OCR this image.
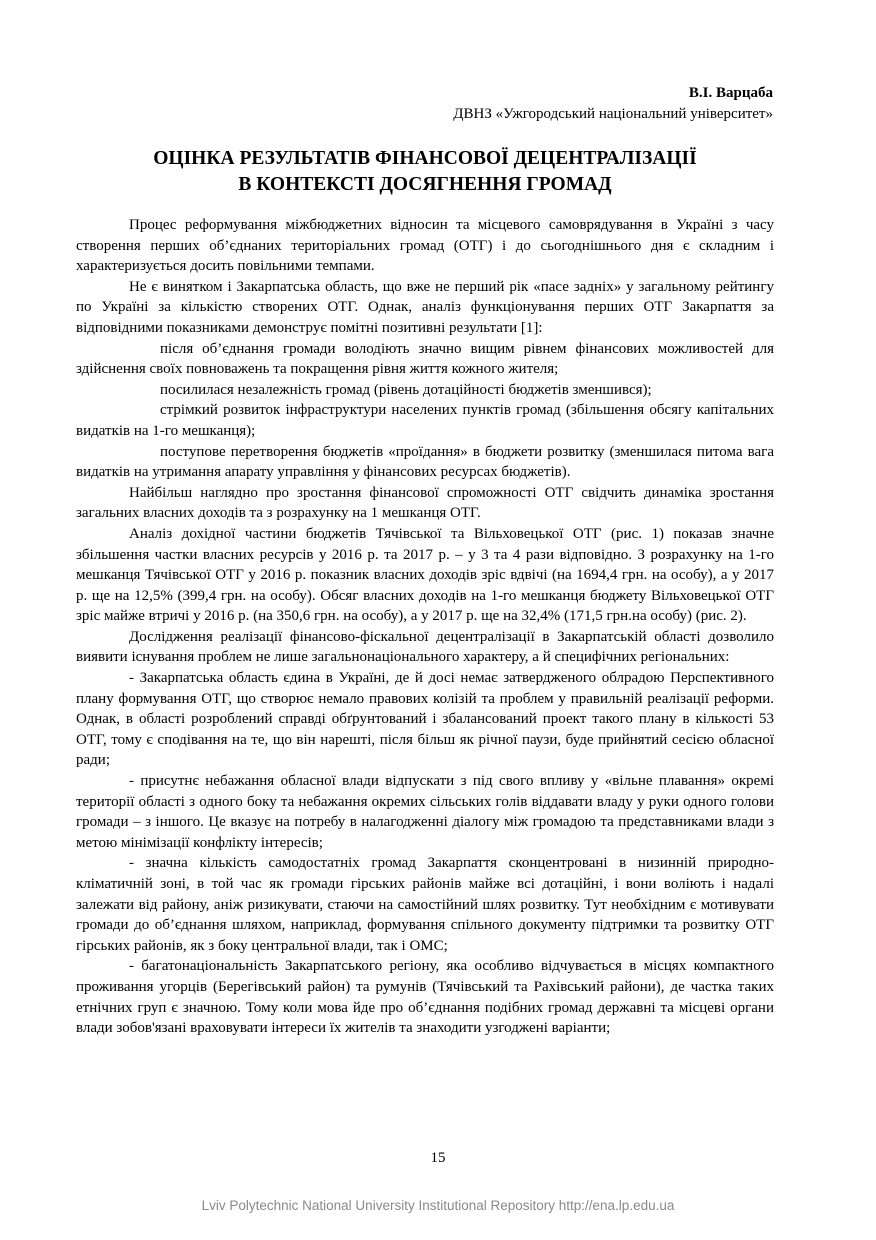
В.І. Варцаба
ДВНЗ «Ужгородський національний університет»
ОЦІНКА РЕЗУЛЬТАТІВ ФІНАНСОВОЇ ДЕЦЕНТРАЛІЗАЦІЇ
В КОНТЕКСТІ ДОСЯГНЕННЯ ГРОМАД

Процес реформування міжбюджетних відносин та місцевого самоврядування в Україні з часу створення перших об’єднаних територіальних громад (ОТГ) і до сьогоднішнього дня є складним і характеризується досить повільними темпами.

Не є винятком і Закарпатська область, що вже не перший рік «пасе задніх» у загальному рейтингу по Україні за кількістю створених ОТГ. Однак, аналіз функціонування перших ОТГ Закарпаття за відповідними показниками демонструє помітні позитивні результати [1]:

після об’єднання громади володіють значно вищим рівнем фінансових можливостей для здійснення своїх повноважень та покращення рівня життя кожного жителя;

посилилася незалежність громад (рівень дотаційності бюджетів зменшився);

стрімкий розвиток інфраструктури населених пунктів громад (збільшення обсягу капітальних видатків на 1-го мешканця);

поступове перетворення бюджетів «проїдання» в бюджети розвитку (зменшилася питома вага видатків на утримання апарату управління у фінансових ресурсах бюджетів).

Найбільш наглядно про зростання фінансової спроможності ОТГ свідчить динаміка зростання загальних власних доходів та з розрахунку на 1 мешканця ОТГ.

Аналіз дохідної частини бюджетів Тячівської та Вільховецької ОТГ (рис. 1) показав значне збільшення частки власних ресурсів у 2016 р. та 2017 р. – у 3 та 4 рази відповідно. З розрахунку на 1-го мешканця Тячівської ОТГ у 2016 р. показник власних доходів зріс вдвічі (на 1694,4 грн. на особу), а у 2017 р. ще на 12,5% (399,4 грн. на особу). Обсяг власних доходів на 1-го мешканця бюджету Вільховецької ОТГ зріс майже втричі у 2016 р. (на 350,6 грн. на особу), а у 2017 р. ще на 32,4% (171,5 грн.на особу) (рис. 2).

Дослідження реалізації фінансово-фіскальної децентралізації в Закарпатській області дозволило виявити існування проблем не лише загальнонаціонального характеру, а й специфічних регіональних:

- Закарпатська область єдина в Україні, де й досі немає затвердженого облрадою Перспективного плану формування ОТГ, що створює немало правових колізій та проблем у правильній реалізації реформи. Однак, в області розроблений справді обґрунтований і збалансований проект такого плану в кількості 53 ОТГ, тому є сподівання на те, що він нарешті, після більш як річної паузи, буде прийнятий сесією обласної ради;

- присутнє небажання обласної влади відпускати з під свого впливу у «вільне плавання» окремі території області з одного боку та небажання окремих сільських голів віддавати владу у руки одного голови громади – з іншого. Це вказує на потребу в налагодженні діалогу між громадою та представниками влади з метою мінімізації конфлікту інтересів;

- значна кількість самодостатніх громад Закарпаття сконцентровані в низинній природно-кліматичній зоні, в той час як громади гірських районів майже всі дотаційні, і вони воліють і надалі залежати від району, аніж ризикувати, стаючи на самостійний шлях розвитку. Тут необхідним є мотивувати громади до об’єднання шляхом, наприклад, формування спільного документу підтримки та розвитку ОТГ гірських районів, як з боку центральної влади, так і ОМС;

- багатонаціональність Закарпатського регіону, яка особливо відчувається в місцях компактного проживання угорців (Берегівський район) та румунів (Тячівський та Рахівський райони), де частка таких етнічних груп є значною. Тому коли мова йде про об’єднання подібних громад державні та місцеві органи влади зобов'язані враховувати інтереси їх жителів та знаходити узгоджені варіанти;

15
Lviv Polytechnic National University Institutional Repository http://ena.lp.edu.ua
